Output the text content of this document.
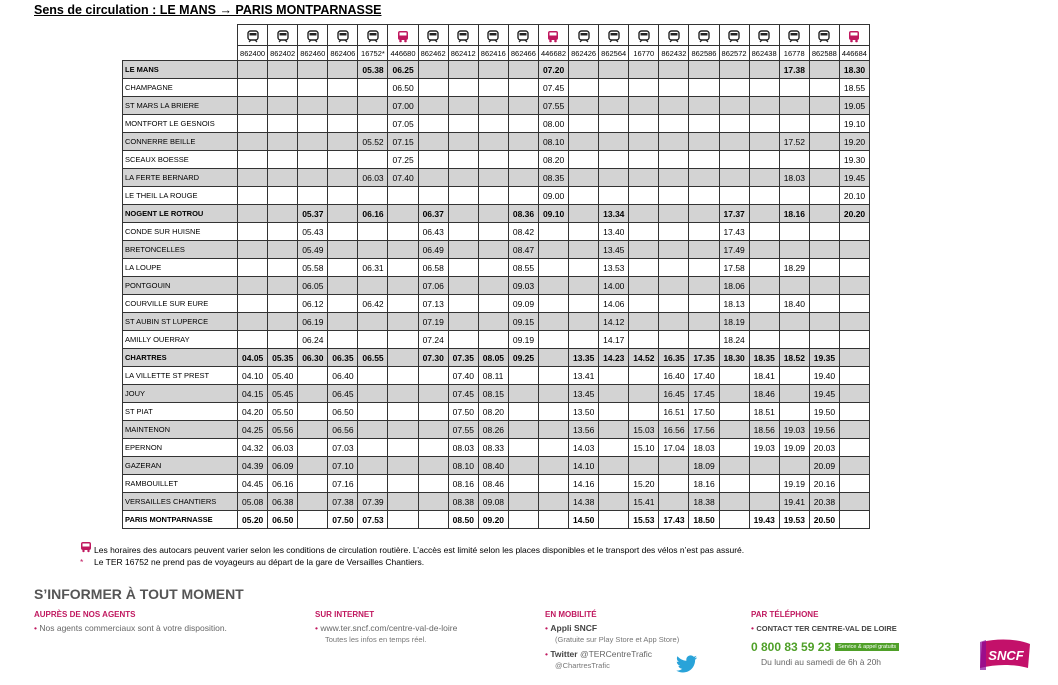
Sens de circulation : LE MANS → PARIS MONTPARNASSE

	862400	862402	862460	862406	16752*	446680	862462	862412	862416	862466	446682	862426	862564	16770	862432	862586	862572	862438	16778	862588	446684
LE MANS					05.38	06.25					07.20								17.38		18.30
CHAMPAGNE						06.50					07.45										18.55
ST MARS LA BRIERE						07.00					07.55										19.05
MONTFORT LE GESNOIS						07.05					08.00										19.10
CONNERRE BEILLE					05.52	07.15					08.10								17.52		19.20
SCEAUX BOESSE						07.25					08.20										19.30
LA FERTE BERNARD					06.03	07.40					08.35								18.03		19.45
LE THEIL LA ROUGE											09.00										20.10
NOGENT LE ROTROU			05.37		06.16		06.37			08.36	09.10		13.34				17.37		18.16		20.20
CONDE SUR HUISNE			05.43				06.43			08.42			13.40				17.43				
BRETONCELLES			05.49				06.49			08.47			13.45				17.49				
LA LOUPE			05.58		06.31		06.58			08.55			13.53				17.58		18.29		
PONTGOUIN			06.05				07.06			09.03			14.00				18.06				
COURVILLE SUR EURE			06.12		06.42		07.13			09.09			14.06				18.13		18.40		
ST AUBIN ST LUPERCE			06.19				07.19			09.15			14.12				18.19				
AMILLY OUERRAY			06.24				07.24			09.19			14.17				18.24				
CHARTRES	04.05	05.35	06.30	06.35	06.55		07.30	07.35	08.05	09.25		13.35	14.23	14.52	16.35	17.35	18.30	18.35	18.52	19.35	
LA VILLETTE ST PREST	04.10	05.40		06.40				07.40	08.11			13.41			16.40	17.40		18.41		19.40	
JOUY	04.15	05.45		06.45				07.45	08.15			13.45			16.45	17.45		18.46		19.45	
ST PIAT	04.20	05.50		06.50				07.50	08.20			13.50			16.51	17.50		18.51		19.50	
MAINTENON	04.25	05.56		06.56				07.55	08.26			13.56		15.03	16.56	17.56		18.56	19.03	19.56	
EPERNON	04.32	06.03		07.03				08.03	08.33			14.03		15.10	17.04	18.03		19.03	19.09	20.03	
GAZERAN	04.39	06.09		07.10				08.10	08.40			14.10				18.09				20.09	
RAMBOUILLET	04.45	06.16		07.16				08.16	08.46			14.16		15.20		18.16			19.19	20.16	
VERSAILLES CHANTIERS	05.08	06.38		07.38	07.39			08.38	09.08			14.38		15.41		18.38			19.41	20.38	
PARIS MONTPARNASSE	05.20	06.50		07.50	07.53			08.50	09.20			14.50		15.53	17.43	18.50		19.43	19.53	20.50	
Les horaires des autocars peuvent varier selon les conditions de circulation routière. L’accès est limité selon les places disponibles et le transport des vélos n’est pas assuré.
* Le TER 16752 ne prend pas de voyageurs au départ de la gare de Versailles Chantiers.
S’INFORMER À TOUT MOMENT
AUPRÈS DE NOS AGENTS
• Nos agents commerciaux sont à votre disposition.
SUR INTERNET
• www.ter.sncf.com/centre-val-de-loire
Toutes les infos en temps réel.
EN MOBILITÉ
• Appli SNCF
(Gratuite sur Play Store et App Store)
• Twitter @TERCentreTrafic
@ChartresTrafic
PAR TÉLÉPHONE
• CONTACT TER CENTRE-VAL DE LOIRE
0 800 83 59 23	Service & appel gratuits
Du lundi au samedi de 6h à 20h	SNCF
